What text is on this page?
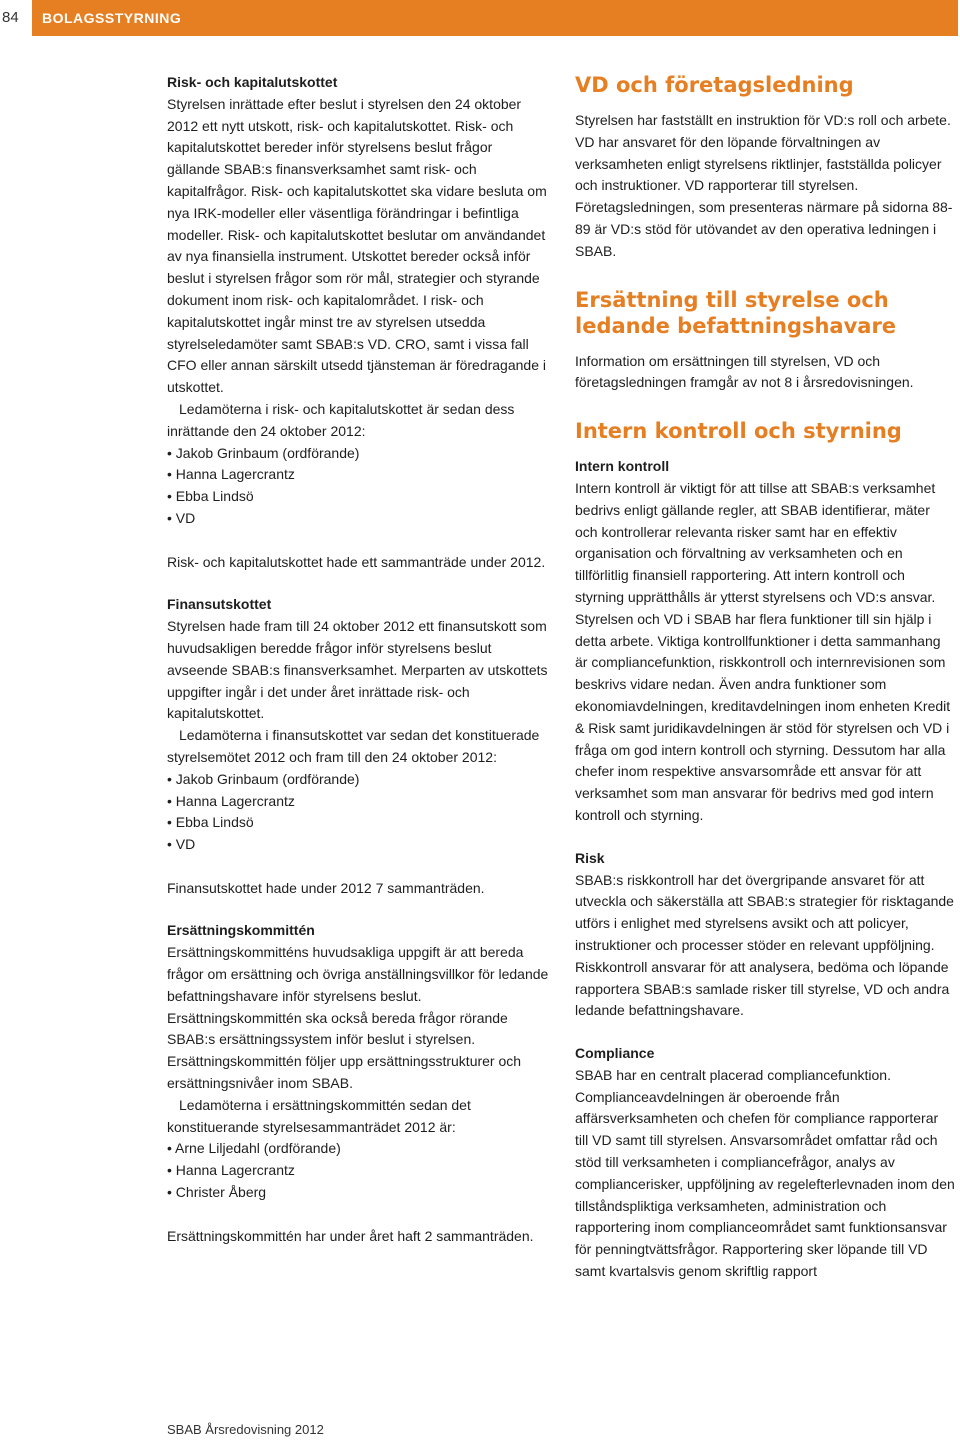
84	BOLAGSSTYRNING

Risk- och kapitalutskottet

Styrelsen inrättade efter beslut i styrelsen den 24 oktober 2012 ett nytt utskott, risk- och kapitalutskottet. Risk- och kapitalutskottet bereder inför styrelsens beslut frågor gällande SBAB:s finansverksamhet samt risk- och kapitalfrågor. Risk- och kapitalutskottet ska vidare besluta om nya IRK-modeller eller väsentliga förändringar i befintliga modeller. Risk- och kapitalutskottet beslutar om användandet av nya finansiella instrument. Utskottet bereder också inför beslut i styrelsen frågor som rör mål, strategier och styrande dokument inom risk- och kapitalområdet. I risk- och kapitalutskottet ingår minst tre av styrelsen utsedda styrelseledamöter samt SBAB:s VD. CRO, samt i vissa fall CFO eller annan särskilt utsedd tjänsteman är föredragande i utskottet.

Ledamöterna i risk- och kapitalutskottet är sedan dess inrättande den 24 oktober 2012:

• Jakob Grinbaum (ordförande)
• Hanna Lagercrantz
• Ebba Lindsö
• VD

Risk- och kapitalutskottet hade ett sammanträde under 2012.

Finansutskottet

Styrelsen hade fram till 24 oktober 2012 ett finansutskott som huvudsakligen beredde frågor inför styrelsens beslut avseende SBAB:s finansverksamhet. Merparten av utskottets uppgifter ingår i det under året inrättade risk- och kapitalutskottet.

Ledamöterna i finansutskottet var sedan det konstituerade styrelsemötet 2012 och fram till den 24 oktober 2012:

• Jakob Grinbaum (ordförande)
• Hanna Lagercrantz
• Ebba Lindsö
• VD

Finansutskottet hade under 2012 7 sammanträden.

Ersättningskommittén

Ersättningskommitténs huvudsakliga uppgift är att bereda frågor om ersättning och övriga anställningsvillkor för ledande befattningshavare inför styrelsens beslut. Ersättningskommittén ska också bereda frågor rörande SBAB:s ersättningssystem inför beslut i styrelsen. Ersättningskommittén följer upp ersättningsstrukturer och ersättningsnivåer inom SBAB.

Ledamöterna i ersättningskommittén sedan det konstituerande styrelsesammanträdet 2012 är:

• Arne Liljedahl (ordförande)
• Hanna Lagercrantz
• Christer Åberg

Ersättningskommittén har under året haft 2 sammanträden.

VD och företagsledning

Styrelsen har fastställt en instruktion för VD:s roll och arbete. VD har ansvaret för den löpande förvaltningen av verksamheten enligt styrelsens riktlinjer, fastställda policyer och instruktioner. VD rapporterar till styrelsen. Företagsledningen, som presenteras närmare på sidorna 88-89 är VD:s stöd för utövandet av den operativa ledningen i SBAB.

Ersättning till styrelse och ledande befattningshavare

Information om ersättningen till styrelsen, VD och företagsledningen framgår av not 8 i årsredovisningen.

Intern kontroll och styrning

Intern kontroll

Intern kontroll är viktigt för att tillse att SBAB:s verksamhet bedrivs enligt gällande regler, att SBAB identifierar, mäter och kontrollerar relevanta risker samt har en effektiv organisation och förvaltning av verksamheten och en tillförlitlig finansiell rapportering. Att intern kontroll och styrning upprätthålls är ytterst styrelsens och VD:s ansvar. Styrelsen och VD i SBAB har flera funktioner till sin hjälp i detta arbete. Viktiga kontrollfunktioner i detta sammanhang är compliancefunktion, riskkontroll och internrevisionen som beskrivs vidare nedan. Även andra funktioner som ekonomiavdelningen, kreditavdelningen inom enheten Kredit & Risk samt juridikavdelningen är stöd för styrelsen och VD i fråga om god intern kontroll och styrning. Dessutom har alla chefer inom respektive ansvarsområde ett ansvar för att verksamhet som man ansvarar för bedrivs med god intern kontroll och styrning.

Risk

SBAB:s riskkontroll har det övergripande ansvaret för att utveckla och säkerställa att SBAB:s strategier för risktagande utförs i enlighet med styrelsens avsikt och att policyer, instruktioner och processer stöder en relevant uppföljning. Riskkontroll ansvarar för att analysera, bedöma och löpande rapportera SBAB:s samlade risker till styrelse, VD och andra ledande befattningshavare.

Compliance

SBAB har en centralt placerad compliancefunktion. Complianceavdelningen är oberoende från affärsverksamheten och chefen för compliance rapporterar till VD samt till styrelsen. Ansvarsområdet omfattar råd och stöd till verksamheten i compliancefrågor, analys av compliancerisker, uppföljning av regelefterlevnaden inom den tillståndspliktiga verksamheten, administration och rapportering inom complianceområdet samt funktionsansvar för penningtvättsfrågor. Rapportering sker löpande till VD samt kvartalsvis genom skriftlig rapport

SBAB Årsredovisning 2012
